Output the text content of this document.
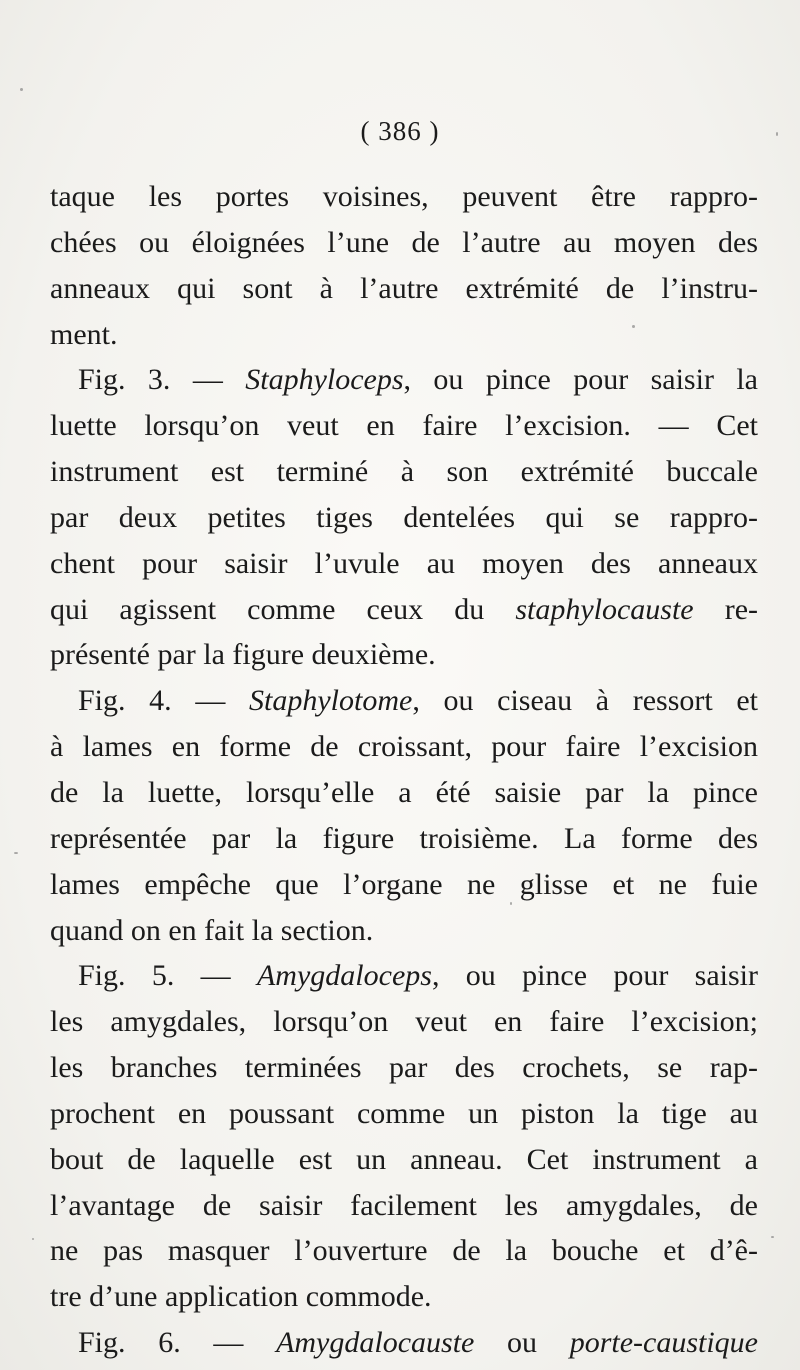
( 386 )
taque les portes voisines, peuvent être rappro-
chées ou éloignées l’une de l’autre au moyen des
anneaux qui sont à l’autre extrémité de l’instru-
ment.
Fig. 3. — Staphyloceps, ou pince pour saisir la
luette lorsqu’on veut en faire l’excision. — Cet
instrument est terminé à son extrémité buccale
par deux petites tiges dentelées qui se rappro-
chent pour saisir l’uvule au moyen des anneaux
qui agissent comme ceux du staphylocauste re-
présenté par la figure deuxième.
Fig. 4. — Staphylotome, ou ciseau à ressort et
à lames en forme de croissant, pour faire l’excision
de la luette, lorsqu’elle a été saisie par la pince
représentée par la figure troisième. La forme des
lames empêche que l’organe ne glisse et ne fuie
quand on en fait la section.
Fig. 5. — Amygdaloceps, ou pince pour saisir
les amygdales, lorsqu’on veut en faire l’excision;
les branches terminées par des crochets, se rap-
prochent en poussant comme un piston la tige au
bout de laquelle est un anneau. Cet instrument a
l’avantage de saisir facilement les amygdales, de
ne pas masquer l’ouverture de la bouche et d’ê-
tre d’une application commode.
Fig. 6. — Amygdalocauste ou porte-caustique
